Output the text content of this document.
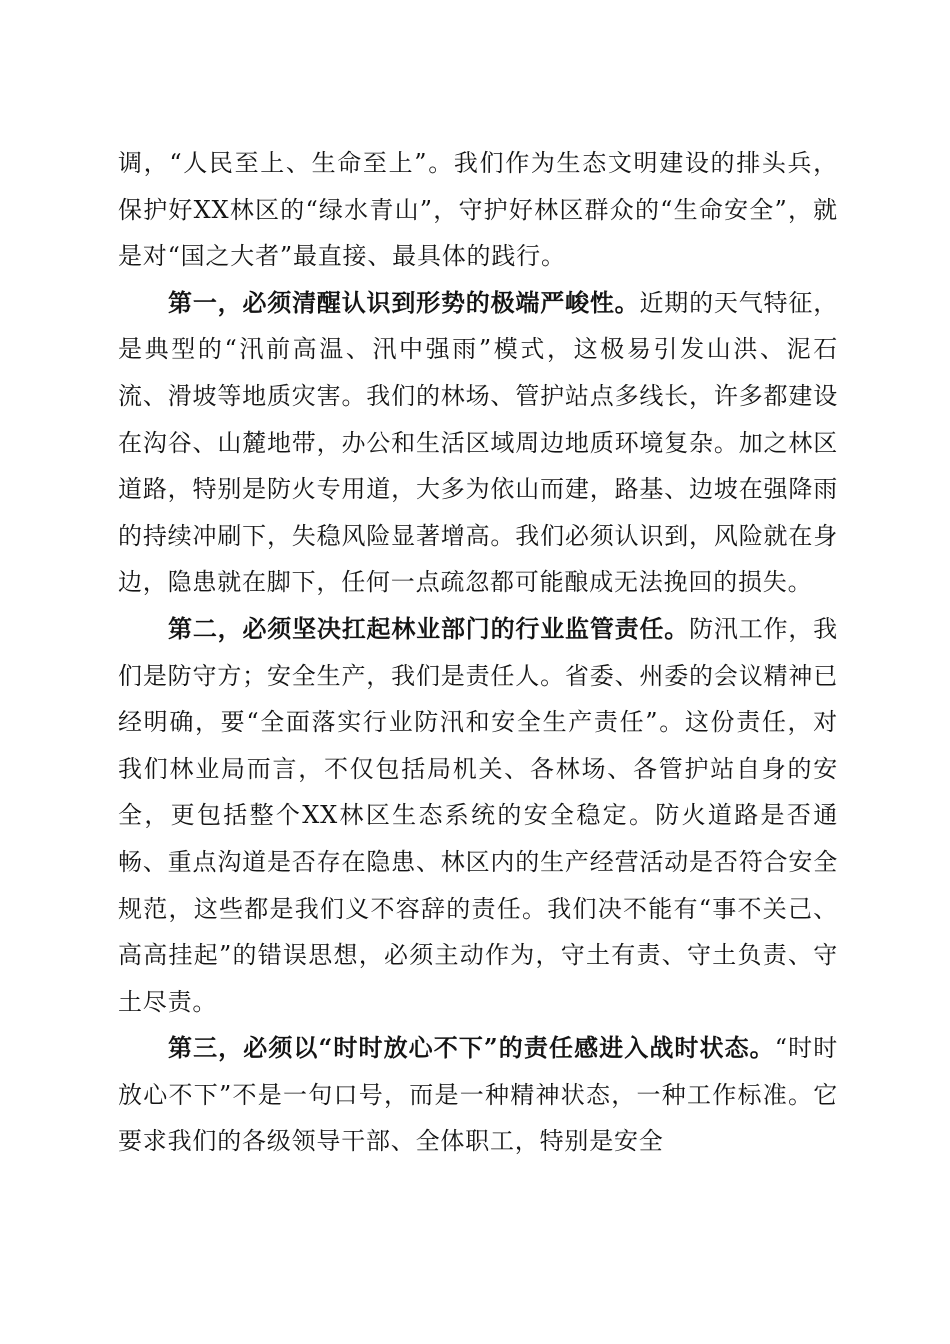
调，“人民至上、生命至上”。我们作为生态文明建设的排头兵，保护好XX林区的“绿水青山”，守护好林区群众的“生命安全”，就是对“国之大者”最直接、最具体的践行。

第一，必须清醒认识到形势的极端严峻性。近期的天气特征，是典型的“汛前高温、汛中强雨”模式，这极易引发山洪、泥石流、滑坡等地质灾害。我们的林场、管护站点多线长，许多都建设在沟谷、山麓地带，办公和生活区域周边地质环境复杂。加之林区道路，特别是防火专用道，大多为依山而建，路基、边坡在强降雨的持续冲刷下，失稳风险显著增高。我们必须认识到，风险就在身边，隐患就在脚下，任何一点疏忽都可能酿成无法挽回的损失。

第二，必须坚决扛起林业部门的行业监管责任。防汛工作，我们是防守方；安全生产，我们是责任人。省委、州委的会议精神已经明确，要“全面落实行业防汛和安全生产责任”。这份责任，对我们林业局而言，不仅包括局机关、各林场、各管护站自身的安全，更包括整个XX林区生态系统的安全稳定。防火道路是否通畅、重点沟道是否存在隐患、林区内的生产经营活动是否符合安全规范，这些都是我们义不容辞的责任。我们决不能有“事不关己、高高挂起”的错误思想，必须主动作为，守土有责、守土负责、守土尽责。

第三，必须以“时时放心不下”的责任感进入战时状态。“时时放心不下”不是一句口号，而是一种精神状态，一种工作标准。它要求我们的各级领导干部、全体职工，特别是安全
